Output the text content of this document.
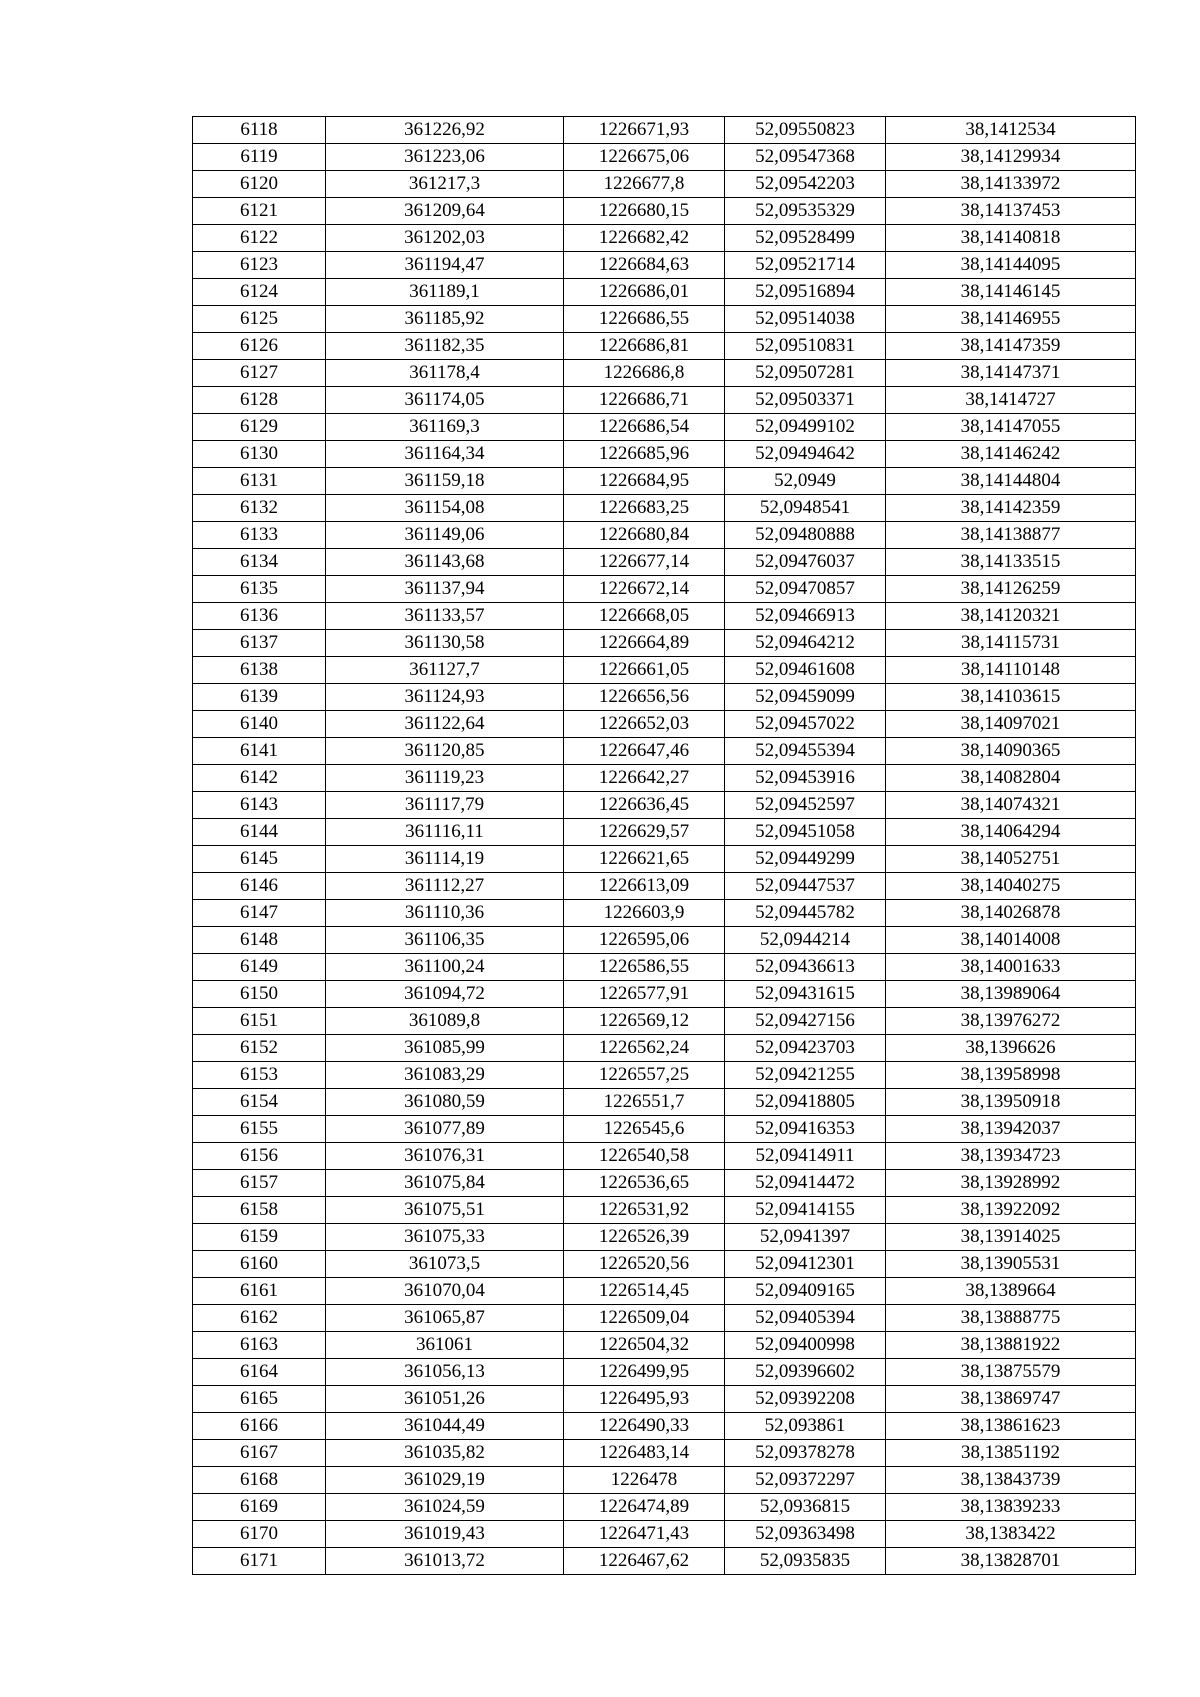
6118	361226,92	1226671,93	52,09550823	38,1412534
6119	361223,06	1226675,06	52,09547368	38,14129934
6120	361217,3	1226677,8	52,09542203	38,14133972
6121	361209,64	1226680,15	52,09535329	38,14137453
6122	361202,03	1226682,42	52,09528499	38,14140818
6123	361194,47	1226684,63	52,09521714	38,14144095
6124	361189,1	1226686,01	52,09516894	38,14146145
6125	361185,92	1226686,55	52,09514038	38,14146955
6126	361182,35	1226686,81	52,09510831	38,14147359
6127	361178,4	1226686,8	52,09507281	38,14147371
6128	361174,05	1226686,71	52,09503371	38,1414727
6129	361169,3	1226686,54	52,09499102	38,14147055
6130	361164,34	1226685,96	52,09494642	38,14146242
6131	361159,18	1226684,95	52,0949	38,14144804
6132	361154,08	1226683,25	52,0948541	38,14142359
6133	361149,06	1226680,84	52,09480888	38,14138877
6134	361143,68	1226677,14	52,09476037	38,14133515
6135	361137,94	1226672,14	52,09470857	38,14126259
6136	361133,57	1226668,05	52,09466913	38,14120321
6137	361130,58	1226664,89	52,09464212	38,14115731
6138	361127,7	1226661,05	52,09461608	38,14110148
6139	361124,93	1226656,56	52,09459099	38,14103615
6140	361122,64	1226652,03	52,09457022	38,14097021
6141	361120,85	1226647,46	52,09455394	38,14090365
6142	361119,23	1226642,27	52,09453916	38,14082804
6143	361117,79	1226636,45	52,09452597	38,14074321
6144	361116,11	1226629,57	52,09451058	38,14064294
6145	361114,19	1226621,65	52,09449299	38,14052751
6146	361112,27	1226613,09	52,09447537	38,14040275
6147	361110,36	1226603,9	52,09445782	38,14026878
6148	361106,35	1226595,06	52,0944214	38,14014008
6149	361100,24	1226586,55	52,09436613	38,14001633
6150	361094,72	1226577,91	52,09431615	38,13989064
6151	361089,8	1226569,12	52,09427156	38,13976272
6152	361085,99	1226562,24	52,09423703	38,1396626
6153	361083,29	1226557,25	52,09421255	38,13958998
6154	361080,59	1226551,7	52,09418805	38,13950918
6155	361077,89	1226545,6	52,09416353	38,13942037
6156	361076,31	1226540,58	52,09414911	38,13934723
6157	361075,84	1226536,65	52,09414472	38,13928992
6158	361075,51	1226531,92	52,09414155	38,13922092
6159	361075,33	1226526,39	52,0941397	38,13914025
6160	361073,5	1226520,56	52,09412301	38,13905531
6161	361070,04	1226514,45	52,09409165	38,1389664
6162	361065,87	1226509,04	52,09405394	38,13888775
6163	361061	1226504,32	52,09400998	38,13881922
6164	361056,13	1226499,95	52,09396602	38,13875579
6165	361051,26	1226495,93	52,09392208	38,13869747
6166	361044,49	1226490,33	52,093861	38,13861623
6167	361035,82	1226483,14	52,09378278	38,13851192
6168	361029,19	1226478	52,09372297	38,13843739
6169	361024,59	1226474,89	52,0936815	38,13839233
6170	361019,43	1226471,43	52,09363498	38,1383422
6171	361013,72	1226467,62	52,0935835	38,13828701
